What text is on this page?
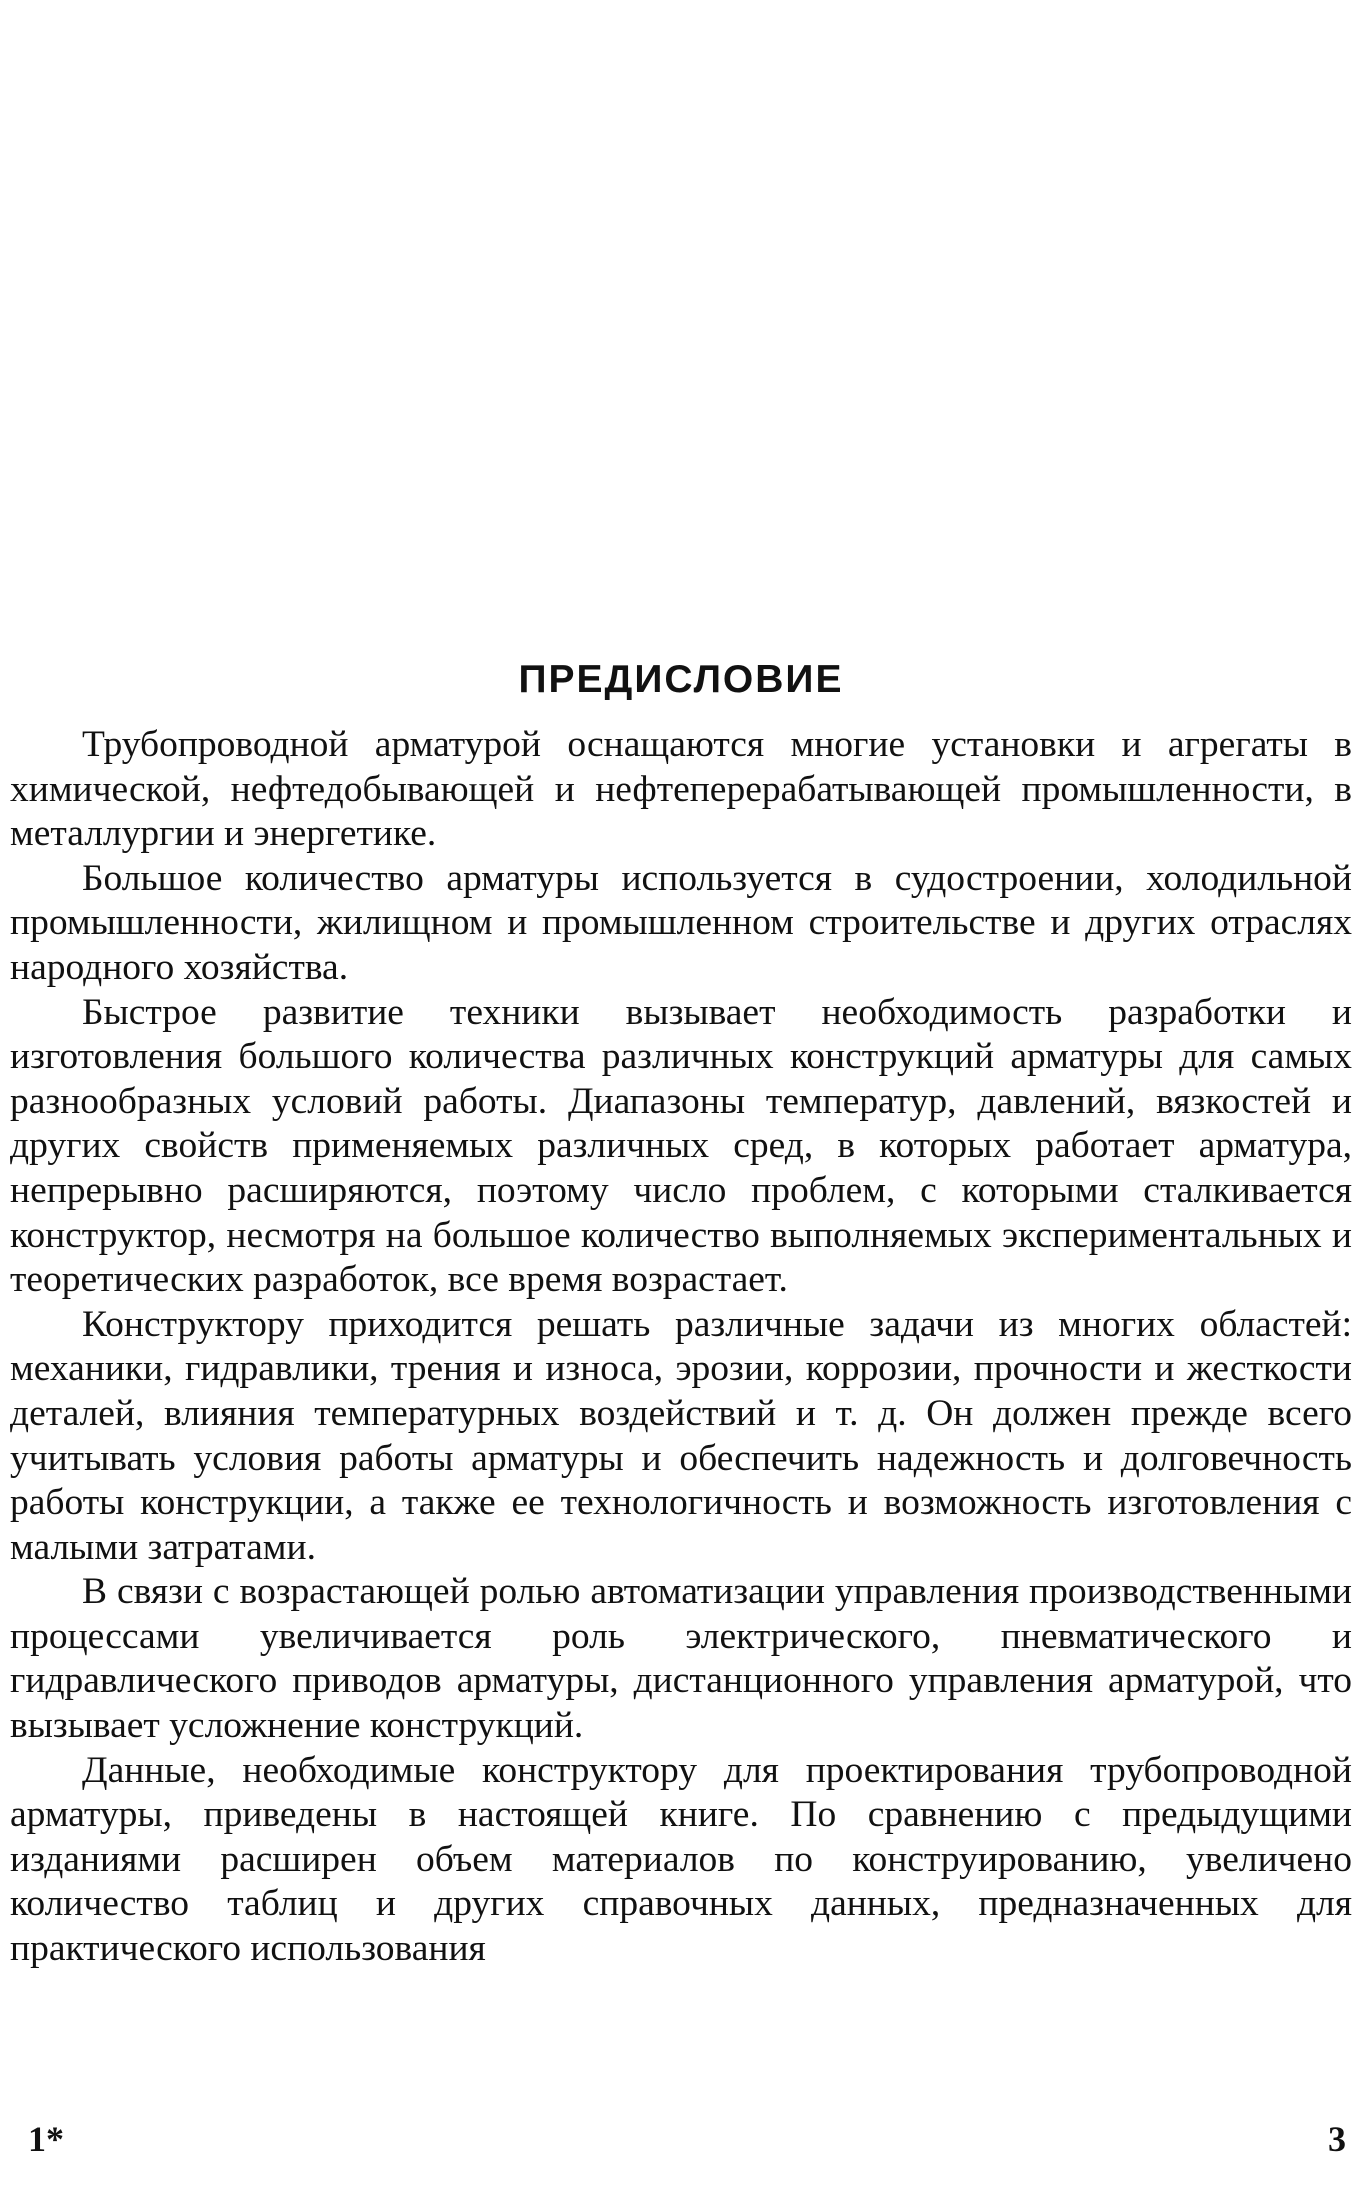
ПРЕДИСЛОВИЕ

Трубопроводной арматурой оснащаются многие установки и агрегаты в химической, нефтедобывающей и нефтеперерабатывающей промышленности, в металлургии и энергетике.

Большое количество арматуры используется в судостроении, холодильной промышленности, жилищном и промышленном строительстве и других отраслях народного хозяйства.

Быстрое развитие техники вызывает необходимость разработки и изготовления большого количества различных конструкций арматуры для самых разнообразных условий работы. Диапазоны температур, давлений, вязкостей и других свойств применяемых различных сред, в которых работает арматура, непрерывно расширяются, поэтому число проблем, с которыми сталкивается конструктор, несмотря на большое количество выполняемых экспериментальных и теоретических разработок, все время возрастает.

Конструктору приходится решать различные задачи из многих областей: механики, гидравлики, трения и износа, эрозии, коррозии, прочности и жесткости деталей, влияния температурных воздействий и т. д. Он должен прежде всего учитывать условия работы арматуры и обеспечить надежность и долговечность работы конструкции, а также ее технологичность и возможность изготовления с малыми затратами.

В связи с возрастающей ролью автоматизации управления производственными процессами увеличивается роль электрического, пневматического и гидравлического приводов арматуры, дистанционного управления арматурой, что вызывает усложнение конструкций.

Данные, необходимые конструктору для проектирования трубопроводной арматуры, приведены в настоящей книге. По сравнению с предыдущими изданиями расширен объем материалов по конструированию, увеличено количество таблиц и других справочных данных, предназначенных для практического использования

1*	3
